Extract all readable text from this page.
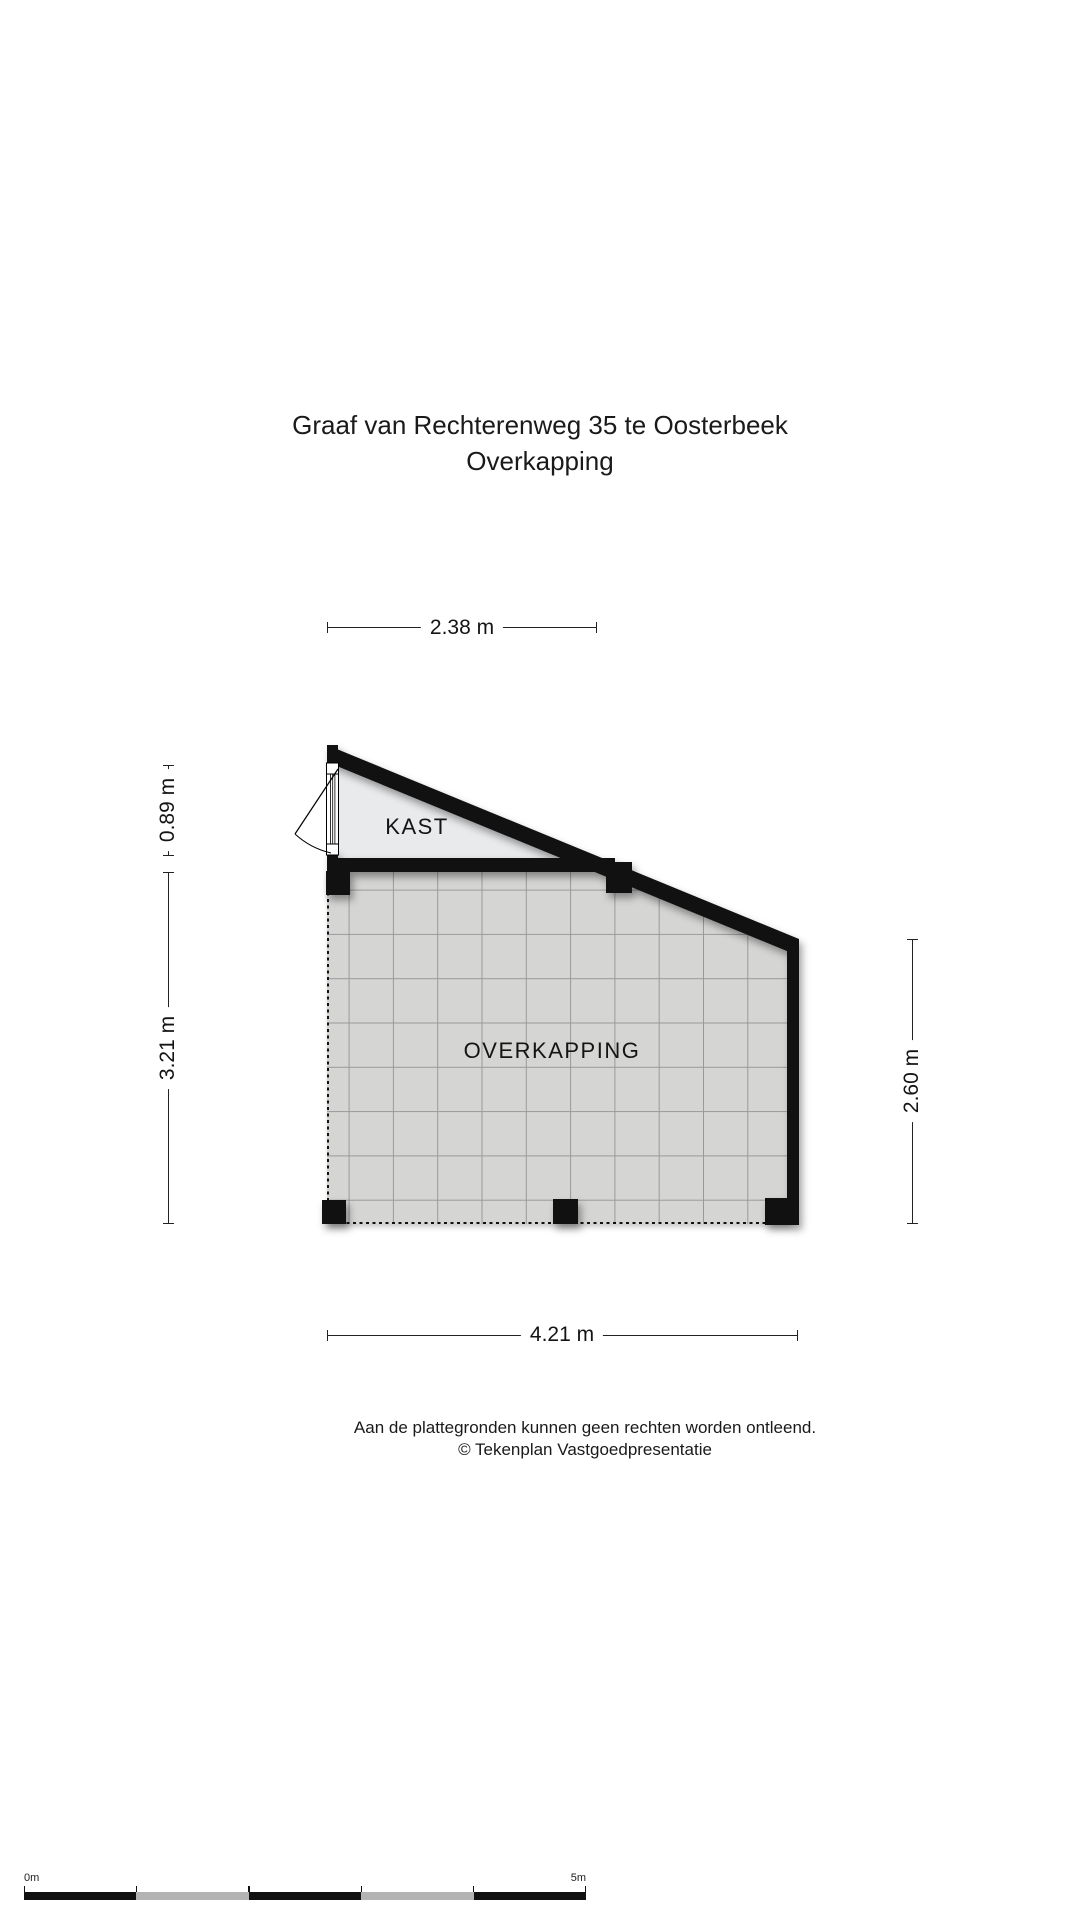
Graaf van Rechterenweg 35 te Oosterbeek
Overkapping
KAST
OVERKAPPING
2.38 m
0.89 m
3.21 m
2.60 m
4.21 m
Aan de plattegronden kunnen geen rechten worden ontleend.
© Tekenplan Vastgoedpresentatie
0m	5m
